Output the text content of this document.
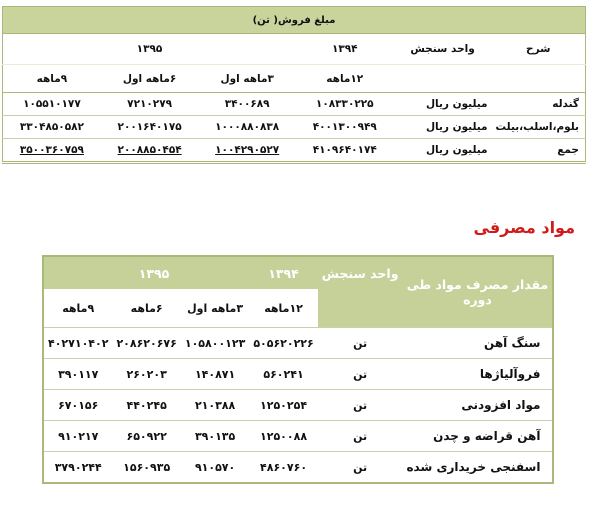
مبلغ فروش( تن)					
شرح	واحد سنجش	۱۳۹۴	۱۳۹۵		
		۱۲ماهه	۳ماهه اول	۶ماهه اول	۹ماهه
گندله	میلیون ریال	۱۰۸۳۳۰۲۲۵	۳۴۰۰۶۸۹	۷۲۱۰۲۷۹	۱۰۵۵۱۰۱۷۷
بلوم،اسلب،بیلت	میلیون ریال	۴۰۰۱۳۰۰۹۴۹	۱۰۰۰۸۸۰۸۳۸	۲۰۰۱۶۴۰۱۷۵	۳۳۰۴۸۵۰۵۸۲
جمع	میلیون ریال	۴۱۰۹۶۴۰۱۷۴	۱۰۰۴۲۹۰۵۲۷	۲۰۰۸۸۵۰۴۵۴	۳۵۰۰۳۶۰۷۵۹
مواد مصرفی
مقدار مصرف مواد طی
دوره	واحد سنجش	۱۳۹۴	۱۳۹۵		
		۱۲ماهه	۳ماهه اول	۶ماهه	۹ماهه
سنگ آهن	تن	۵۰۵۶۲۰۲۲۶	۱۰۵۸۰۰۱۲۳	۲۰۸۶۲۰۶۷۶	۴۰۲۷۱۰۴۰۲
فروآلیاژها	تن	۵۶۰۲۴۱	۱۴۰۸۷۱	۲۶۰۲۰۳	۳۹۰۱۱۷
مواد افزودنی	تن	۱۲۵۰۲۵۴	۲۱۰۳۸۸	۴۴۰۲۴۵	۶۷۰۱۵۶
آهن قراضه و چدن	تن	۱۲۵۰۰۸۸	۳۹۰۱۳۵	۶۵۰۹۲۲	۹۱۰۲۱۷
اسفنجی خریداری شده	تن	۴۸۶۰۷۶۰	۹۱۰۵۷۰	۱۵۶۰۹۳۵	۳۷۹۰۲۴۴
